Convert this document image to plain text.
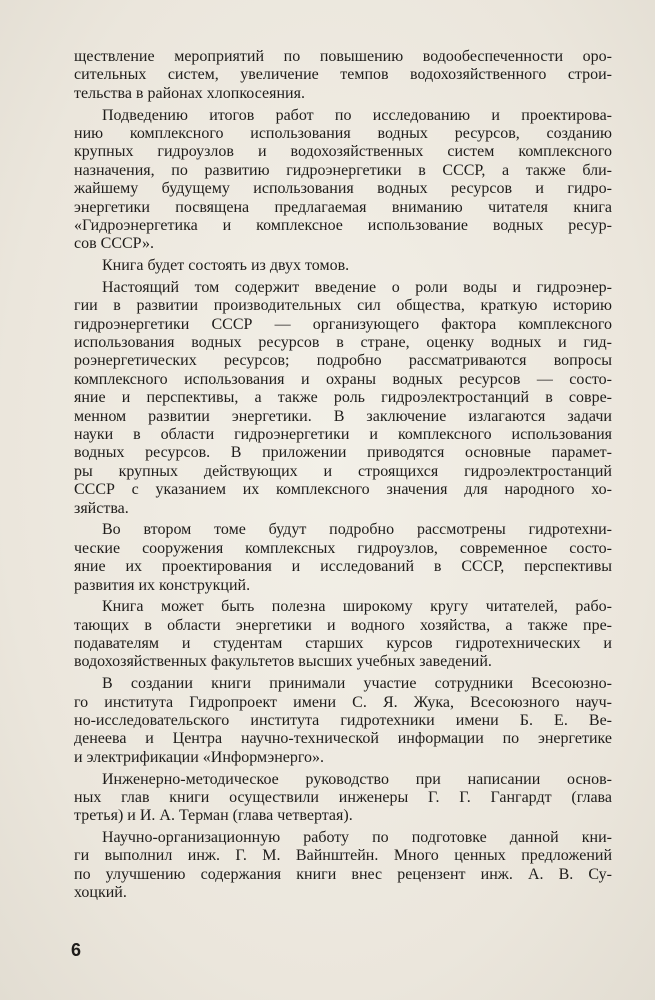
ществление мероприятий по повышению водообеспеченности оро-
сительных систем, увеличение темпов водохозяйственного строи-
тельства в районах хлопкосеяния.
Подведению итогов работ по исследованию и проектирова-
нию комплексного использования водных ресурсов, созданию
крупных гидроузлов и водохозяйственных систем комплексного
назначения, по развитию гидроэнергетики в СССР, а также бли-
жайшему будущему использования водных ресурсов и гидро-
энергетики посвящена предлагаемая вниманию читателя книга
«Гидроэнергетика и комплексное использование водных ресур-
сов СССР».
Книга будет состоять из двух томов.
Настоящий том содержит введение о роли воды и гидроэнер-
гии в развитии производительных сил общества, краткую историю
гидроэнергетики СССР — организующего фактора комплексного
использования водных ресурсов в стране, оценку водных и гид-
роэнергетических ресурсов; подробно рассматриваются вопросы
комплексного использования и охраны водных ресурсов — состо-
яние и перспективы, а также роль гидроэлектростанций в совре-
менном развитии энергетики. В заключение излагаются задачи
науки в области гидроэнергетики и комплексного использования
водных ресурсов. В приложении приводятся основные парамет-
ры крупных действующих и строящихся гидроэлектростанций
СССР с указанием их комплексного значения для народного хо-
зяйства.
Во втором томе будут подробно рассмотрены гидротехни-
ческие сооружения комплексных гидроузлов, современное состо-
яние их проектирования и исследований в СССР, перспективы
развития их конструкций.
Книга может быть полезна широкому кругу читателей, рабо-
тающих в области энергетики и водного хозяйства, а также пре-
подавателям и студентам старших курсов гидротехнических и
водохозяйственных факультетов высших учебных заведений.
В создании книги принимали участие сотрудники Всесоюзно-
го института Гидропроект имени С. Я. Жука, Всесоюзного науч-
но-исследовательского института гидротехники имени Б. Е. Ве-
денеева и Центра научно-технической информации по энергетике
и электрификации «Информэнерго».
Инженерно-методическое руководство при написании основ-
ных глав книги осуществили инженеры Г. Г. Гангардт (глава
третья) и И. А. Терман (глава четвертая).
Научно-организационную работу по подготовке данной кни-
ги выполнил инж. Г. М. Вайнштейн. Много ценных предложений
по улучшению содержания книги внес рецензент инж. А. В. Су-
хоцкий.
6
